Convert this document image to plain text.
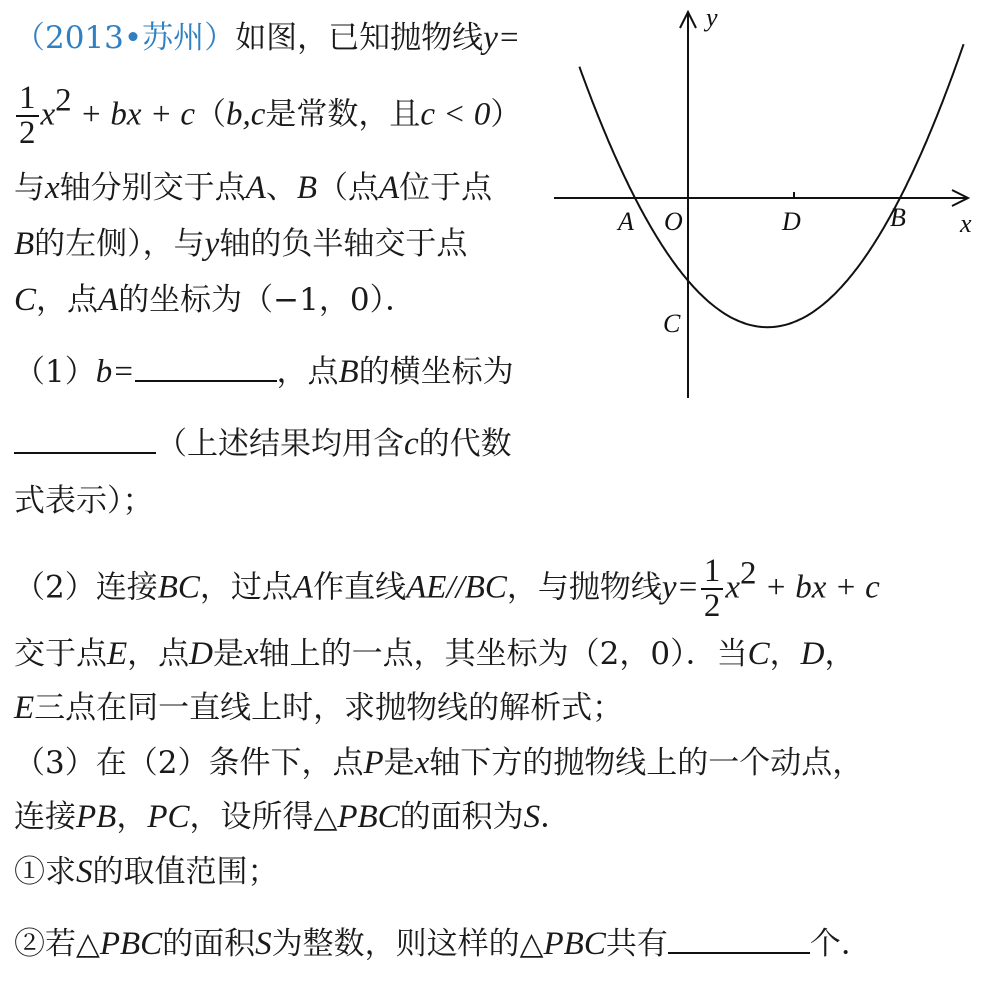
（2013•苏州）如图，已知抛物线y=
$\frac{1}{2} x^2$ + bx + c（b,c是常数，且c < 0）
与x轴分别交于点A、B（点A位于点
B的左侧），与y轴的负半轴交于点
C，点A的坐标为（−1，0）．
（1）b=	，点B的横坐标为
（上述结果均用含c的代数
式表示）；
（2）连接BC，过点A作直线AE//BC，与抛物线$y= \frac{1}{2} x^2$ + bx + c
交于点E，点D是x轴上的一点，其坐标为（2，0）．当C，D，
E三点在同一直线上时，求抛物线的解析式；
（3）在（2）条件下，点P是x轴下方的抛物线上的一个动点，
连接PB，PC，设所得△PBC的面积为S．
①求S的取值范围；
②若△PBC的面积S为整数，则这样的△PBC共有	个．
y
x
A O	D	B
C
